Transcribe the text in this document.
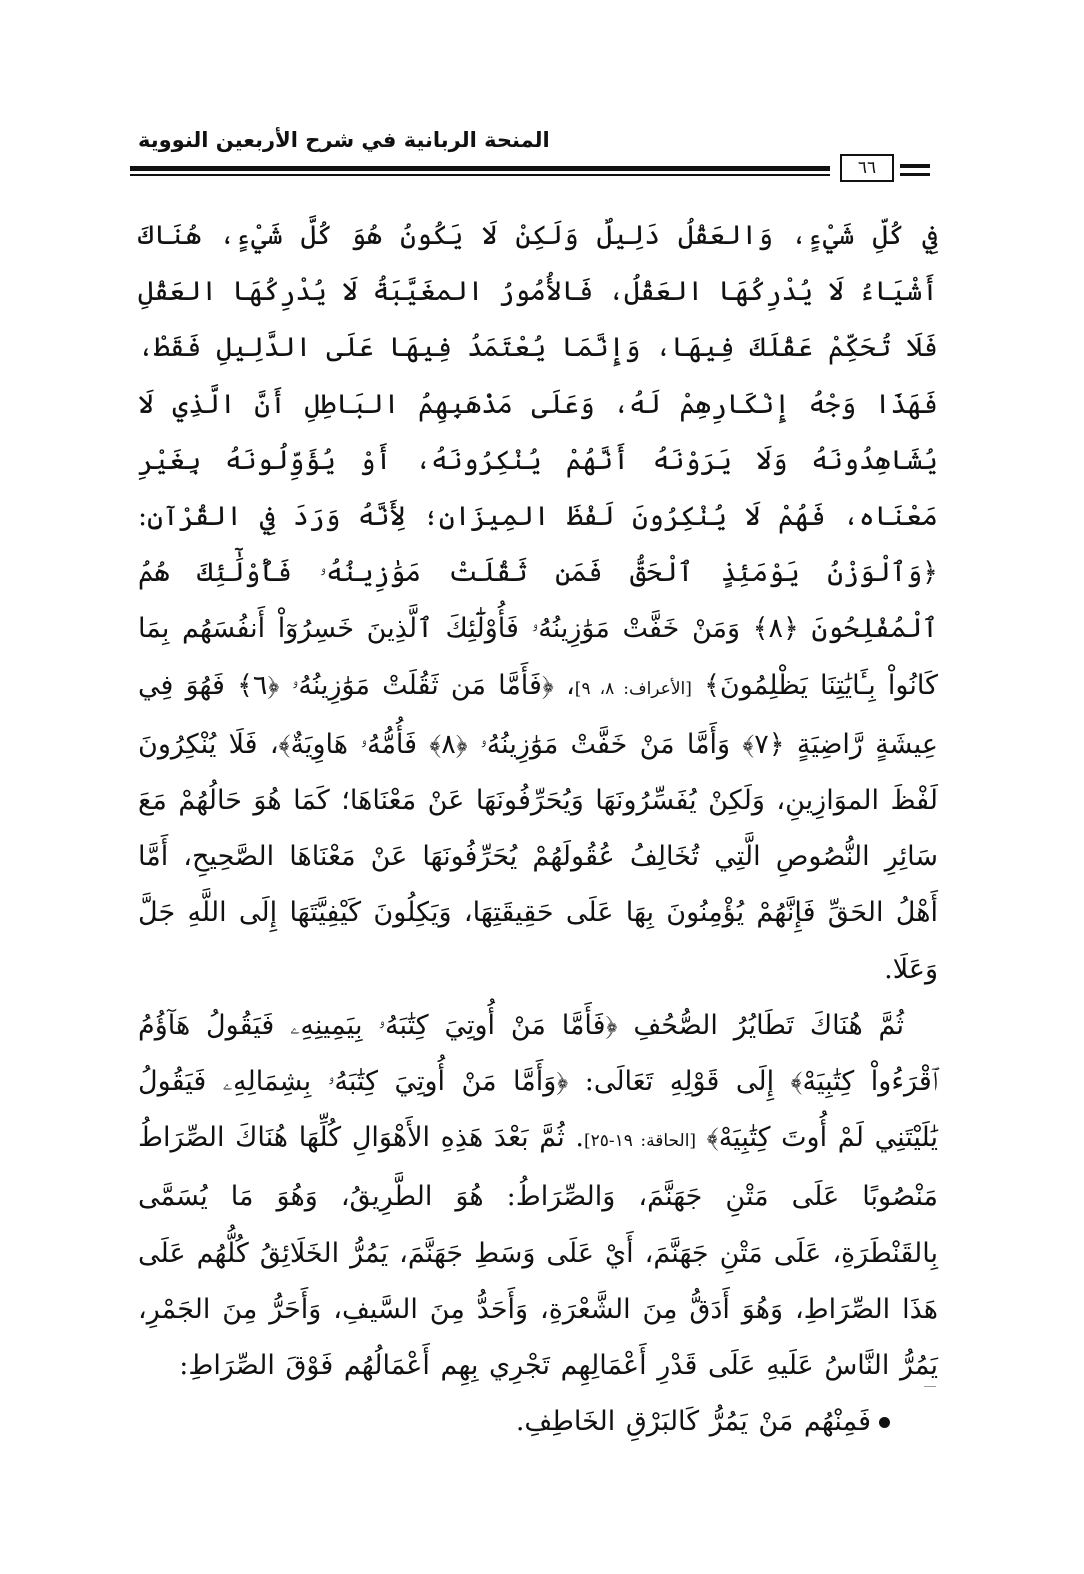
المنحة الربانية في شرح الأربعين النووية
٦٦

فِي كُلِّ شَيْءٍ، وَالعَقْلُ دَلِيلٌ وَلَكِنْ لَا يَكُونُ هُوَ كُلَّ شَيْءٍ، هُنَاكَ أَشْيَاءُ لَا يُدْرِكُهَا العَقْلُ، فَالأُمُورُ المغَيَّبَةُ لَا يُدْرِكُهَا العَقْلِ فَلَا تُحَكِّمْ عَقْلَكَ فِيهَا، وَإِنَّمَا يُعْتَمَدُ فِيهَا عَلَى الدَّلِيلِ فَقَطْ، فَهَذَا وَجْهُ إِنْكَارِهِمْ لَهُ، وَعَلَى مَذْهَبِهِمُ البَاطِلِ أَنَّ الَّذِي لَا يُشَاهِدُونَهُ وَلَا يَرَوْنَهُ أَنَّهُمْ يُنْكِرُونَهُ، أَوْ يُؤَوِّلُونَهُ بِغَيْرِ مَعْنَاه، فَهُمْ لَا يُنْكِرُونَ لَفْظَ المِيزَانِ؛ لِأَنَّهُ وَرَدَ فِي القُرْآنِ: ﴿وَٱلْوَزْنُ يَوْمَئِذٍ ٱلْحَقُّ فَمَن ثَقُلَتْ مَوَٰزِينُهُۥ فَأُوْلَٰٓئِكَ هُمُ ٱلْمُفْلِحُونَ ﴿٨﴾ وَمَنْ خَفَّتْ مَوَٰزِينُهُۥ فَأُوْلَٰٓئِكَ ٱلَّذِينَ خَسِرُوٓاْ أَنفُسَهُم بِمَا كَانُواْ بِـَٔايَٰتِنَا يَظْلِمُونَ﴾ [الأعراف: ٨، ٩]، ﴿فَأَمَّا مَن ثَقُلَتْ مَوَٰزِينُهُۥ ﴿٦﴾ فَهُوَ فِي عِيشَةٍ رَّاضِيَةٍ ﴿٧﴾ وَأَمَّا مَنْ خَفَّتْ مَوَٰزِينُهُۥ ﴿٨﴾ فَأُمُّهُۥ هَاوِيَةٌ﴾، فَلَا يُنْكِرُونَ لَفْظَ الموَازِينِ، وَلَكِنْ يُفَسِّرُونَهَا وَيُحَرِّفُونَهَا عَنْ مَعْنَاهَا؛ كَمَا هُوَ حَالُهُمْ مَعَ سَائِرِ النُّصُوصِ الَّتِي تُخَالِفُ عُقُولَهُمْ يُحَرِّفُونَهَا عَنْ مَعْنَاهَا الصَّحِيحِ، أَمَّا أَهْلُ الحَقِّ فَإِنَّهُمْ يُؤْمِنُونَ بِهَا عَلَى حَقِيقَتِهَا، وَيَكِلُونَ كَيْفِيَّتَهَا إِلَى اللَّهِ جَلَّ وَعَلَا.

ثُمَّ هُنَاكَ تَطَايُرُ الصُّحُفِ ﴿فَأَمَّا مَنْ أُوتِيَ كِتَٰبَهُۥ بِيَمِينِهِۦ فَيَقُولُ هَآؤُمُ ٱقْرَءُواْ كِتَٰبِيَهْ﴾ إِلَى قَوْلِهِ تَعَالَى: ﴿وَأَمَّا مَنْ أُوتِيَ كِتَٰبَهُۥ بِشِمَالِهِۦ فَيَقُولُ يَٰلَيْتَنِي لَمْ أُوتَ كِتَٰبِيَهْ﴾ [الحاقة: ١٩-٢٥]. ثُمَّ بَعْدَ هَذِهِ الأَهْوَالِ كُلِّهَا هُنَاكَ الصِّرَاطُ مَنْصُوبًا عَلَى مَتْنِ جَهَنَّمَ، وَالصِّرَاطُ: هُوَ الطَّرِيقُ، وَهُوَ مَا يُسَمَّى بِالقَنْطَرَةِ، عَلَى مَتْنِ جَهَنَّمَ، أَيْ عَلَى وَسَطِ جَهَنَّمَ، يَمُرُّ الخَلَائِقُ كُلُّهُم عَلَى هَذَا الصِّرَاطِ، وَهُوَ أَدَقُّ مِنَ الشَّعْرَةِ، وَأَحَدُّ مِنَ السَّيفِ، وَأَحَرُّ مِنَ الجَمْرِ، يَمُرُّ النَّاسُ عَلَيهِ عَلَى قَدْرِ أَعْمَالِهِم تَجْرِي بِهِم أَعْمَالُهُم فَوْقَ الصِّرَاطِ:

فَمِنْهُم مَنْ يَمُرُّ كَالبَرْقِ الخَاطِفِ.
